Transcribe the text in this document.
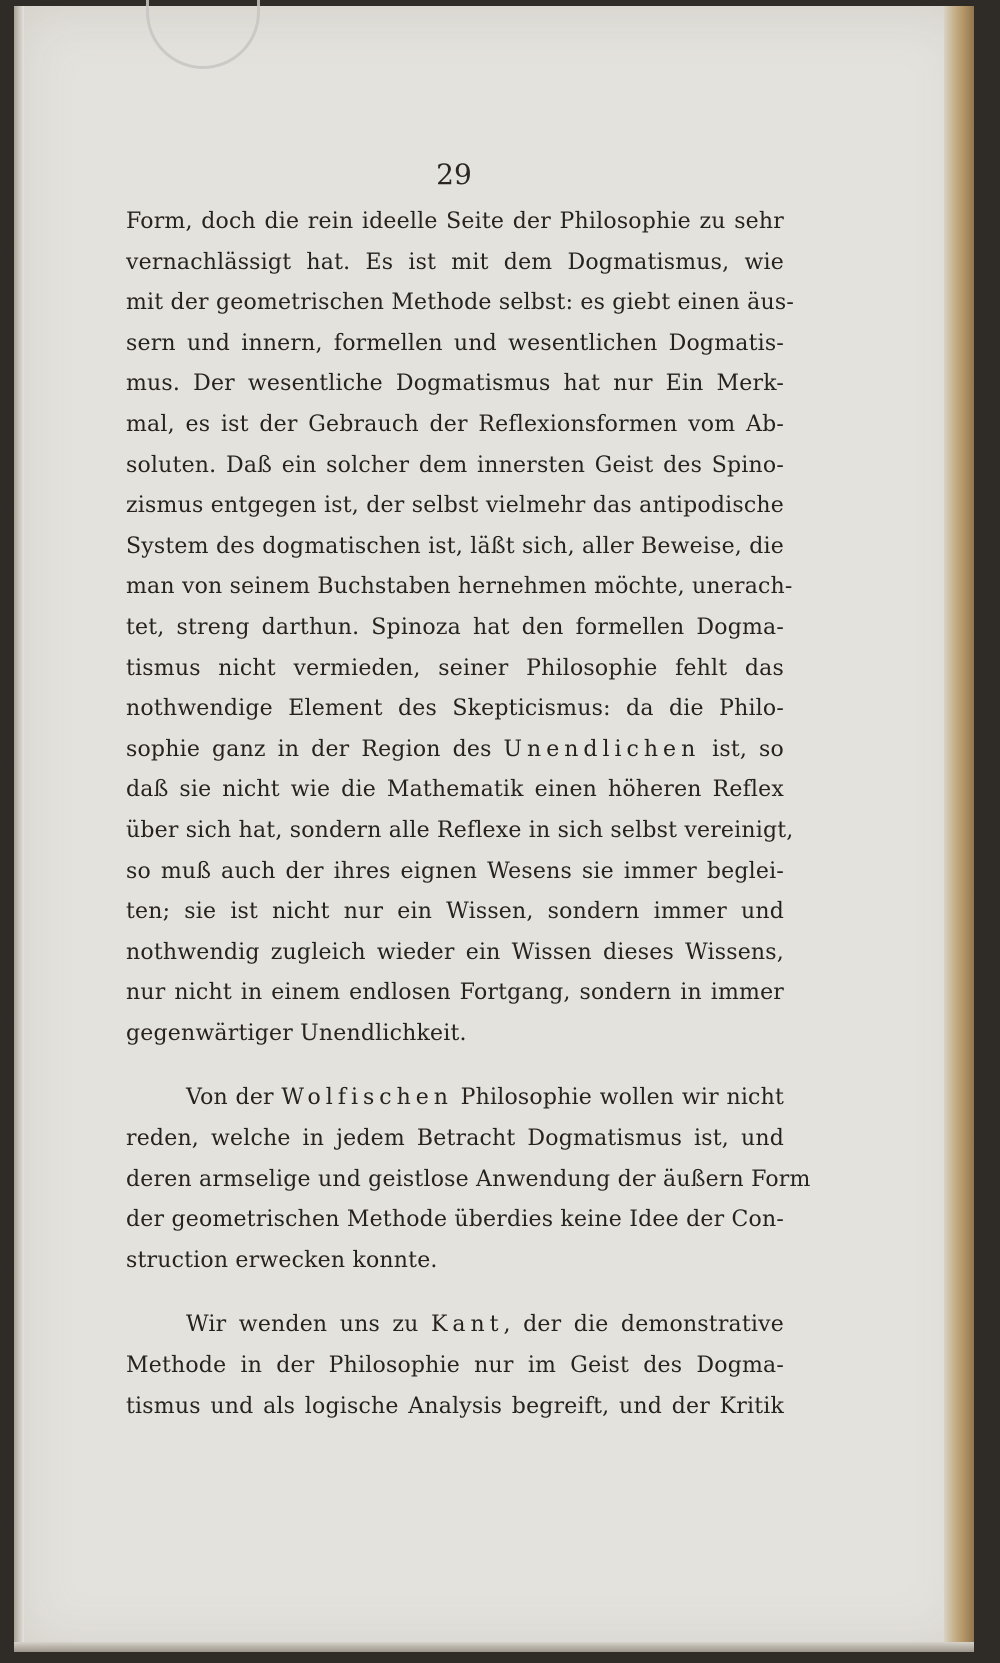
29
Form, doch die rein ideelle Seite der Philosophie zu sehr
vernachlässigt hat. Es ist mit dem Dogmatismus, wie
mit der geometrischen Methode selbst: es giebt einen äus-
sern und innern, formellen und wesentlichen Dogmatis-
mus. Der wesentliche Dogmatismus hat nur Ein Merk-
mal, es ist der Gebrauch der Reflexionsformen vom Ab-
soluten. Daß ein solcher dem innersten Geist des Spino-
zismus entgegen ist, der selbst vielmehr das antipodische
System des dogmatischen ist, läßt sich, aller Beweise, die
man von seinem Buchstaben hernehmen möchte, unerach-
tet, streng darthun. Spinoza hat den formellen Dogma-
tismus nicht vermieden, seiner Philosophie fehlt das
nothwendige Element des Skepticismus: da die Philo-
sophie ganz in der Region des Unendlichen ist, so
daß sie nicht wie die Mathematik einen höheren Reflex
über sich hat, sondern alle Reflexe in sich selbst vereinigt,
so muß auch der ihres eignen Wesens sie immer beglei-
ten; sie ist nicht nur ein Wissen, sondern immer und
nothwendig zugleich wieder ein Wissen dieses Wissens,
nur nicht in einem endlosen Fortgang, sondern in immer
gegenwärtiger Unendlichkeit.
Von der Wolfischen Philosophie wollen wir nicht
reden, welche in jedem Betracht Dogmatismus ist, und
deren armselige und geistlose Anwendung der äußern Form
der geometrischen Methode überdies keine Idee der Con-
struction erwecken konnte.
Wir wenden uns zu Kant, der die demonstrative
Methode in der Philosophie nur im Geist des Dogma-
tismus und als logische Analysis begreift, und der Kritik
